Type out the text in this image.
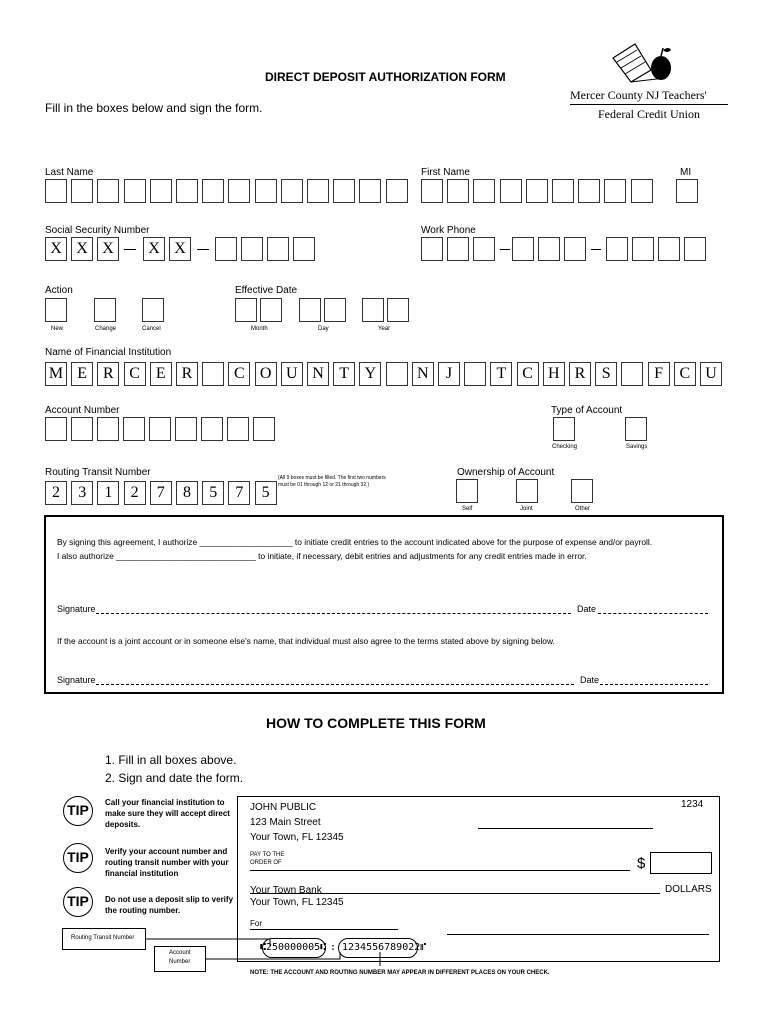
DIRECT DEPOSIT AUTHORIZATION FORM
Fill in the boxes below and sign the form.
Mercer County NJ Teachers'
Federal Credit Union
Last Name	First Name	MI
Social Security Number
X X X	X X
Work Phone
Action
New	Change	Cancel
Effective Date
Month	Day	Year
Name of Financial Institution
M E R C E R	C O U N T Y	N	J	T C H R	S	F	C U
Account Number	Type of Account
Checking	Savings
Routing Transit Number
2	3	1	2	7	8	5	7	5
(All 9 boxes must be filled. The first two numbers
must be 01 through 12 or 21 through 32.)
Ownership of Account
Self	Joint	Other
By signing this agreement, I authorize ____________________ to initiate credit entries to the account indicated above for the purpose of expense and/or payroll.
I also authorize ______________________________ to initiate, if necessary, debit entries and adjustments for any credit entries made in error.
Signature	Date
If the account is a joint account or in someone else's name, that individual must also agree to the terms stated above by signing below.
Signature	Date
HOW TO COMPLETE THIS FORM
1. Fill in all boxes above.
2. Sign and date the form.
TIP	Call your financial institution to make sure they will accept direct deposits.
TIP	Verify your account number and routing transit number with your financial institution
TIP	Do not use a deposit slip to verify the routing number.
Routing Transit Number
Account
Number
1234
JOHN PUBLIC
123 Main Street
Your Town, FL 12345
PAY TO THE
ORDER OF	$
DOLLARS
Your Town Bank
Your Town, FL 12345
For
⑆250000005⑆ : 1234556789022⑈
NOTE: THE ACCOUNT AND ROUTING NUMBER MAY APPEAR IN DIFFERENT PLACES ON YOUR CHECK.
